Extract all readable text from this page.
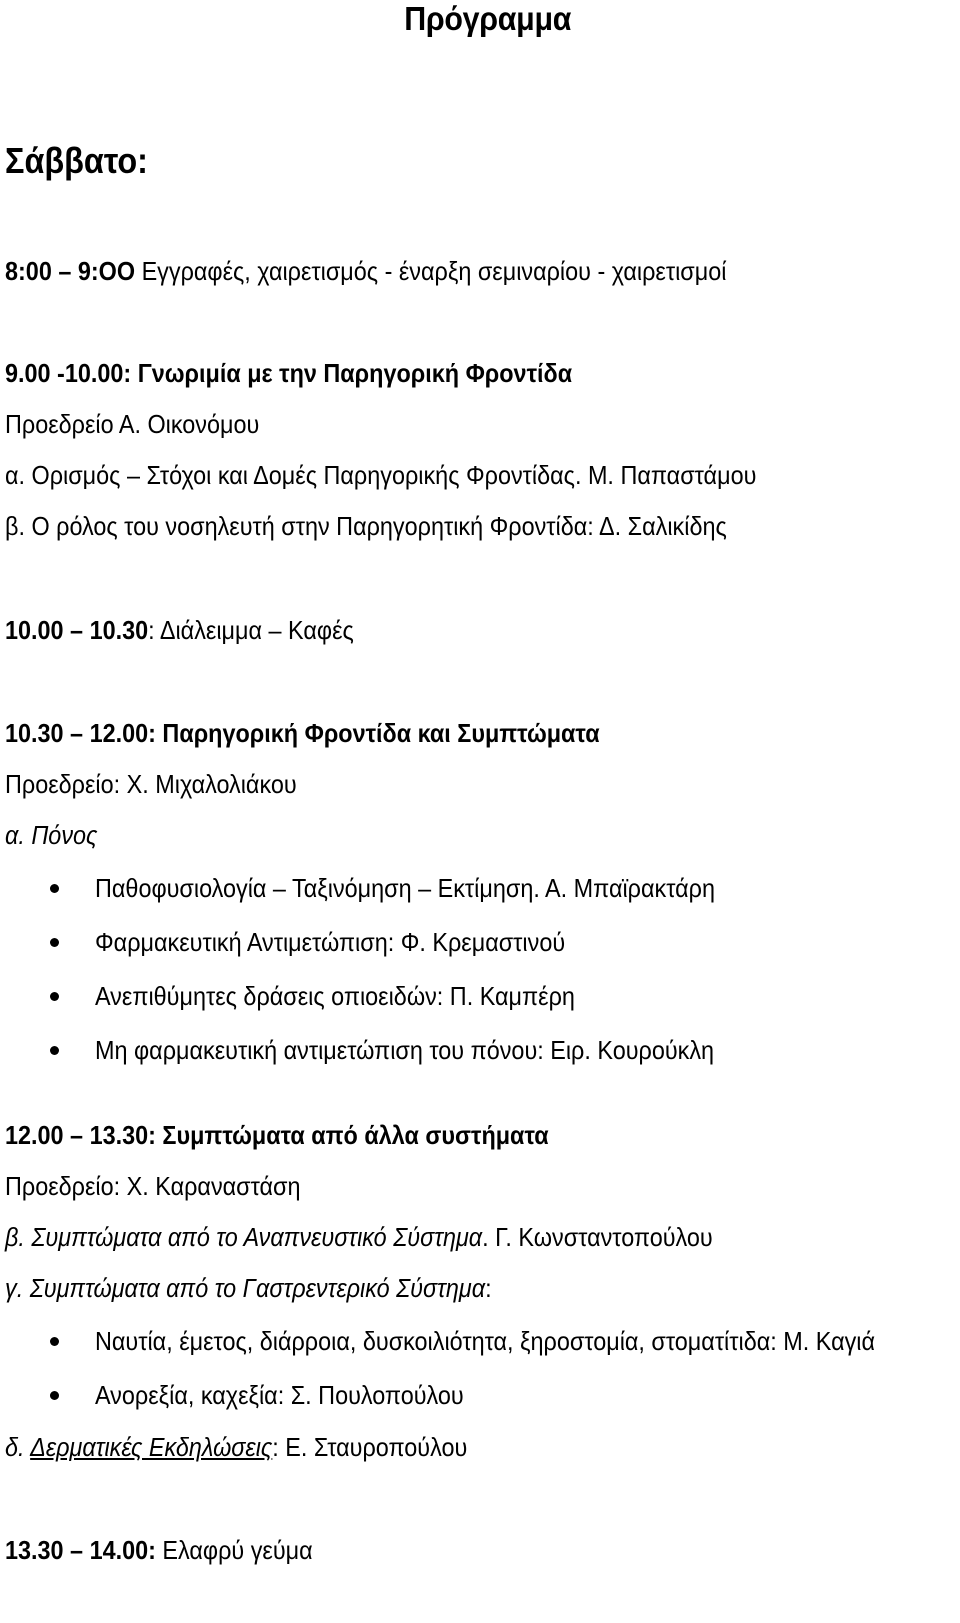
Πρόγραμμα
Σάββατο:
8:00 – 9:OO Εγγραφές, χαιρετισμός - έναρξη σεμιναρίου - χαιρετισμοί
9.00 -10.00: Γνωριμία με την Παρηγορική Φροντίδα
Προεδρείο Α. Οικονόμου
α. Ορισμός – Στόχοι και Δομές Παρηγορικής Φροντίδας. Μ. Παπαστάμου
β. Ο ρόλος του νοσηλευτή στην Παρηγορητική Φροντίδα: Δ. Σαλικίδης
10.00 – 10.30: Διάλειμμα – Καφές
10.30 – 12.00: Παρηγορική Φροντίδα και Συμπτώματα
Προεδρείο: Χ. Μιχαλολιάκου
α. Πόνος
Παθοφυσιολογία – Ταξινόμηση – Εκτίμηση. Α. Μπαϊρακτάρη
Φαρμακευτική Αντιμετώπιση: Φ. Κρεμαστινού
Ανεπιθύμητες δράσεις οπιοειδών: Π. Καμπέρη
Μη φαρμακευτική αντιμετώπιση του πόνου: Ειρ. Κουρούκλη
12.00 – 13.30: Συμπτώματα από άλλα συστήματα
Προεδρείο: Χ. Καραναστάση
β. Συμπτώματα από το Αναπνευστικό Σύστημα. Γ. Κωνσταντοπούλου
γ. Συμπτώματα από το Γαστρεντερικό Σύστημα:
Ναυτία, έμετος, διάρροια, δυσκοιλιότητα, ξηροστομία, στοματίτιδα: Μ. Καγιά
Ανορεξία, καχεξία: Σ. Πουλοπούλου
δ. Δερματικές Εκδηλώσεις: Ε. Σταυροπούλου
13.30 – 14.00: Ελαφρύ γεύμα
